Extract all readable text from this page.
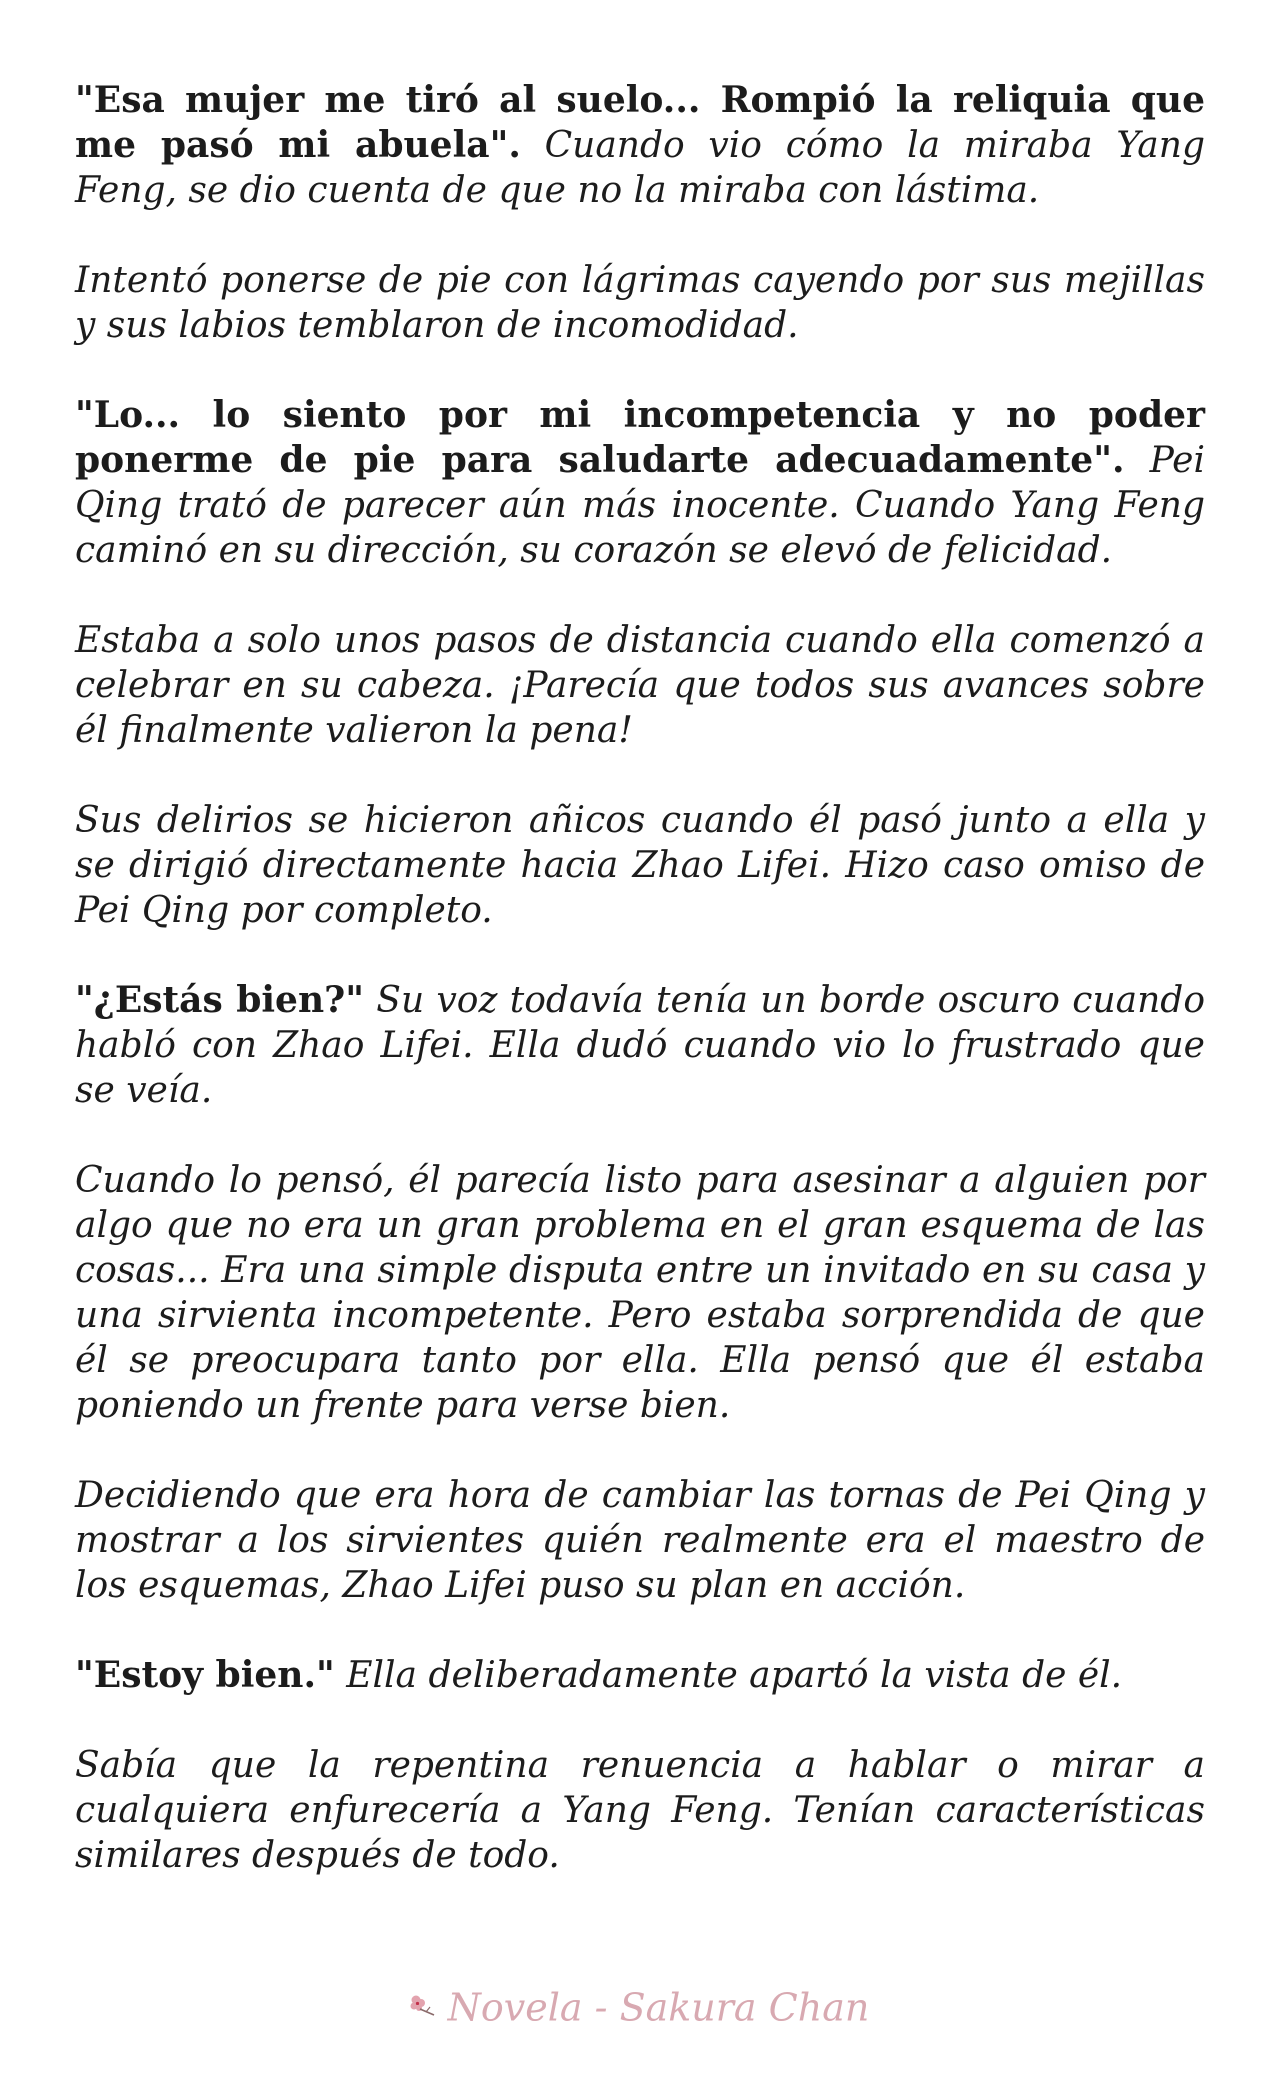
"Esa mujer me tiró al suelo... Rompió la reliquia que me pasó mi abuela". Cuando vio cómo la miraba Yang Feng, se dio cuenta de que no la miraba con lástima.

Intentó ponerse de pie con lágrimas cayendo por sus mejillas y sus labios temblaron de incomodidad.

"Lo... lo siento por mi incompetencia y no poder ponerme de pie para saludarte adecuadamente". Pei Qing trató de parecer aún más inocente. Cuando Yang Feng caminó en su dirección, su corazón se elevó de felicidad.

Estaba a solo unos pasos de distancia cuando ella comenzó a celebrar en su cabeza. ¡Parecía que todos sus avances sobre él finalmente valieron la pena!

Sus delirios se hicieron añicos cuando él pasó junto a ella y se dirigió directamente hacia Zhao Lifei. Hizo caso omiso de Pei Qing por completo.

"¿Estás bien?" Su voz todavía tenía un borde oscuro cuando habló con Zhao Lifei. Ella dudó cuando vio lo frustrado que se veía.

Cuando lo pensó, él parecía listo para asesinar a alguien por algo que no era un gran problema en el gran esquema de las cosas... Era una simple disputa entre un invitado en su casa y una sirvienta incompetente. Pero estaba sorprendida de que él se preocupara tanto por ella. Ella pensó que él estaba poniendo un frente para verse bien.

Decidiendo que era hora de cambiar las tornas de Pei Qing y mostrar a los sirvientes quién realmente era el maestro de los esquemas, Zhao Lifei puso su plan en acción.

"Estoy bien." Ella deliberadamente apartó la vista de él.

Sabía que la repentina renuencia a hablar o mirar a cualquiera enfurecería a Yang Feng. Tenían características similares después de todo.

Novela - Sakura Chan
